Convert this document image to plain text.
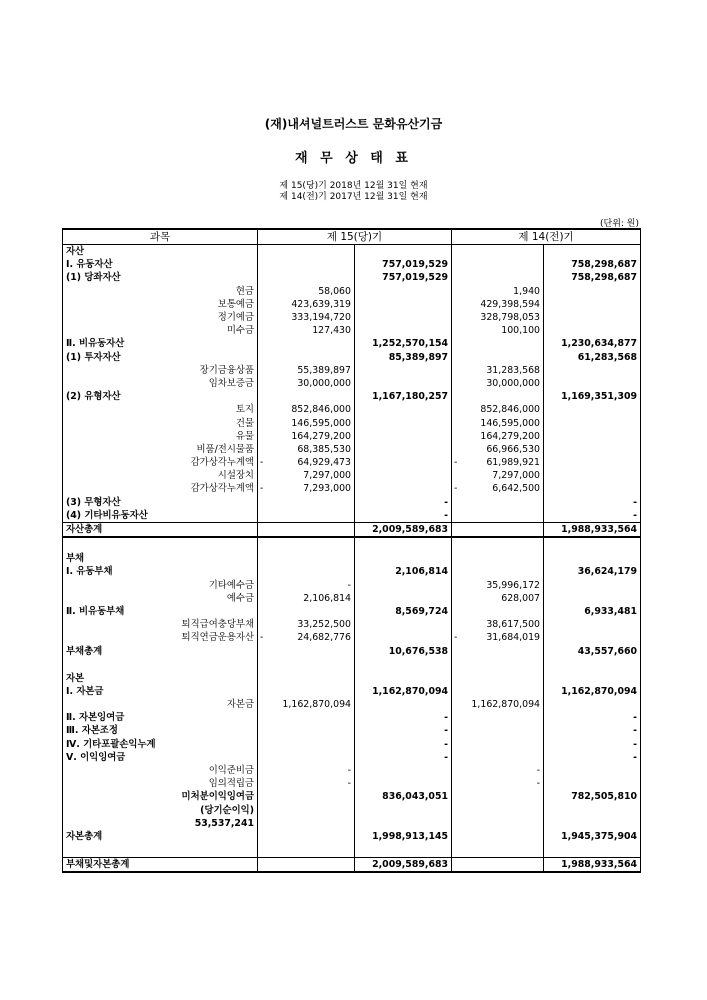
(재)내셔널트러스트 문화유산기금
재 무 상 태 표
제 15(당)기 2018년 12월 31일 현재
제 14(전)기 2017년 12월 31일 현재
(단위: 원)
과목	제 15(당)기		제 14(전)기	
자산				
Ⅰ. 유동자산		757,019,529		758,298,687
(1) 당좌자산		757,019,529		758,298,687
현금	58,060		1,940	
보통예금	423,639,319		429,398,594	
정기예금	333,194,720		328,798,053	
미수금	127,430		100,100	
Ⅱ. 비유동자산		1,252,570,154		1,230,634,877
(1) 투자자산		85,389,897		61,283,568
장기금융상품	55,389,897		31,283,568	
임차보증금	30,000,000		30,000,000	
(2) 유형자산		1,167,180,257		1,169,351,309
토지	852,846,000		852,846,000	
건물	146,595,000		146,595,000	
유물	164,279,200		164,279,200	
비품/전시물품	68,385,530		66,966,530	
감가상각누계액	- 64,929,473		- 61,989,921	
시설장치	7,297,000		7,297,000	
감가상각누계액	- 7,293,000		- 6,642,500	
(3) 무형자산		-		-
(4) 기타비유동자산		-		-
자산총계		2,009,589,683		1,988,933,564

부채				
Ⅰ. 유동부채		2,106,814		36,624,179
기타예수금	-		35,996,172	
예수금	2,106,814		628,007	
Ⅱ. 비유동부채		8,569,724		6,933,481
퇴직급여충당부채	33,252,500		38,617,500	
퇴직연금운용자산	- 24,682,776		- 31,684,019	
부채총계		10,676,538		43,557,660

자본				
Ⅰ. 자본금		1,162,870,094		1,162,870,094
자본금	1,162,870,094		1,162,870,094	
Ⅱ. 자본잉여금		-		-
Ⅲ. 자본조정		-		-
Ⅳ. 기타포괄손익누계		-		-
Ⅴ. 이익잉여금		-		-
이익준비금	-		-	
임의적립금	-		-	
미처분이익잉여금		836,043,051		782,505,810
(당기순이익)				
53,537,241				
자본총계		1,998,913,145		1,945,375,904

부채및자본총계		2,009,589,683		1,988,933,564
